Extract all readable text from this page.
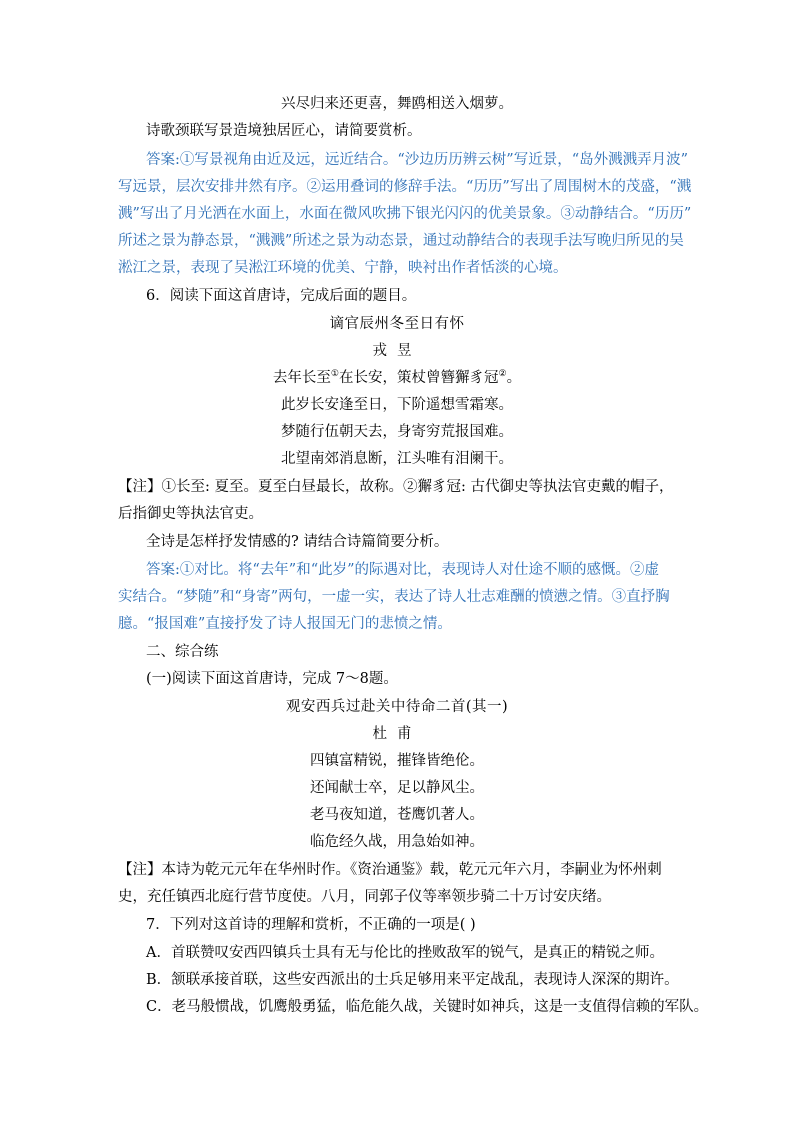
兴尽归来还更喜，舞鸥相送入烟萝。

诗歌颈联写景造境独居匠心，请简要赏析。

答案:①写景视角由近及远，远近结合。“沙边历历辨云树”写近景，“岛外溅溅弄月波”

写远景，层次安排井然有序。②运用叠词的修辞手法。“历历”写出了周围树木的茂盛，“溅

溅”写出了月光洒在水面上，水面在微风吹拂下银光闪闪的优美景象。③动静结合。“历历”

所述之景为静态景，“溅溅”所述之景为动态景，通过动静结合的表现手法写晚归所见的吴

淞江之景，表现了吴淞江环境的优美、宁静，映衬出作者恬淡的心境。

6．阅读下面这首唐诗，完成后面的题目。

谪官辰州冬至日有怀

戎昱

去年长至①在长安，策杖曾簪獬豸冠②。

此岁长安逢至日，下阶遥想雪霜寒。

梦随行伍朝天去，身寄穷荒报国难。

北望南郊消息断，江头唯有泪阑干。

【注】①长至: 夏至。夏至白昼最长，故称。②獬豸冠: 古代御史等执法官吏戴的帽子，

后指御史等执法官吏。

全诗是怎样抒发情感的? 请结合诗篇简要分析。

答案:①对比。将“去年”和“此岁”的际遇对比，表现诗人对仕途不顺的感慨。②虚

实结合。“梦随”和“身寄”两句，一虚一实，表达了诗人壮志难酬的愤懑之情。③直抒胸

臆。“报国难”直接抒发了诗人报国无门的悲愤之情。

二、综合练

(一)阅读下面这首唐诗，完成 7～8题。

观安西兵过赴关中待命二首(其一)

杜甫

四镇富精锐，摧锋皆绝伦。

还闻献士卒，足以静风尘。

老马夜知道，苍鹰饥著人。

临危经久战，用急始如神。

【注】本诗为乾元元年在华州时作。《资治通鉴》载，乾元元年六月，李嗣业为怀州刺

史，充任镇西北庭行营节度使。八月，同郭子仪等率领步骑二十万讨安庆绪。

7．下列对这首诗的理解和赏析，不正确的一项是( )

A．首联赞叹安西四镇兵士具有无与伦比的挫败敌军的锐气，是真正的精锐之师。

B．颔联承接首联，这些安西派出的士兵足够用来平定战乱，表现诗人深深的期许。

C．老马般惯战，饥鹰般勇猛，临危能久战，关键时如神兵，这是一支值得信赖的军队。
